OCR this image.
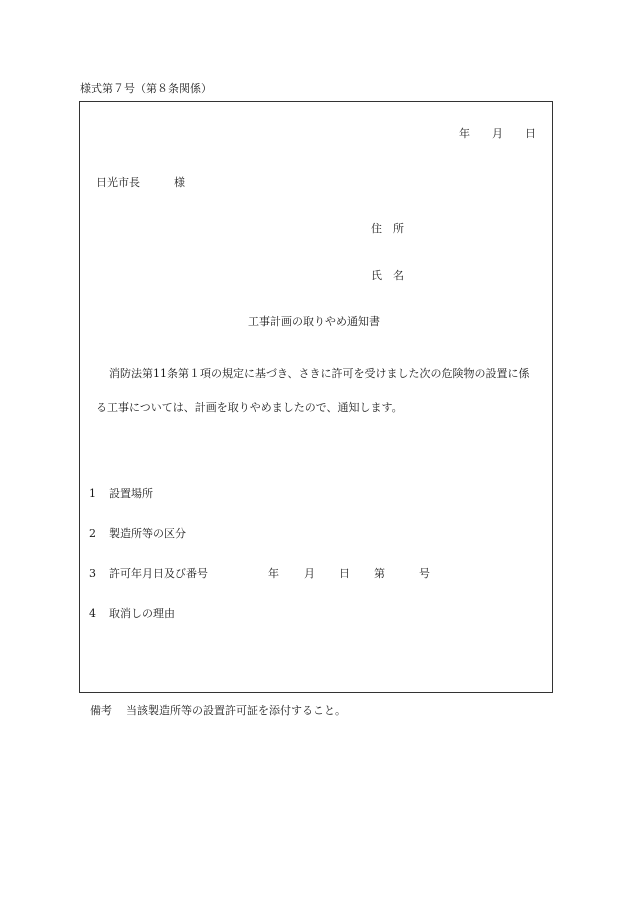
様式第７号（第８条関係）
年 月 日
日光市長	様
住　所
氏　名
工事計画の取りやめ通知書
消防法第11条第１項の規定に基づき、さきに許可を受けました次の危険物の設置に係
る工事については、計画を取りやめましたので、通知します。
1 設置場所
2 製造所等の区分
3 許可年月日及び番号	年 月 日 第	号
4 取消しの理由
備考 当該製造所等の設置許可証を添付すること。
